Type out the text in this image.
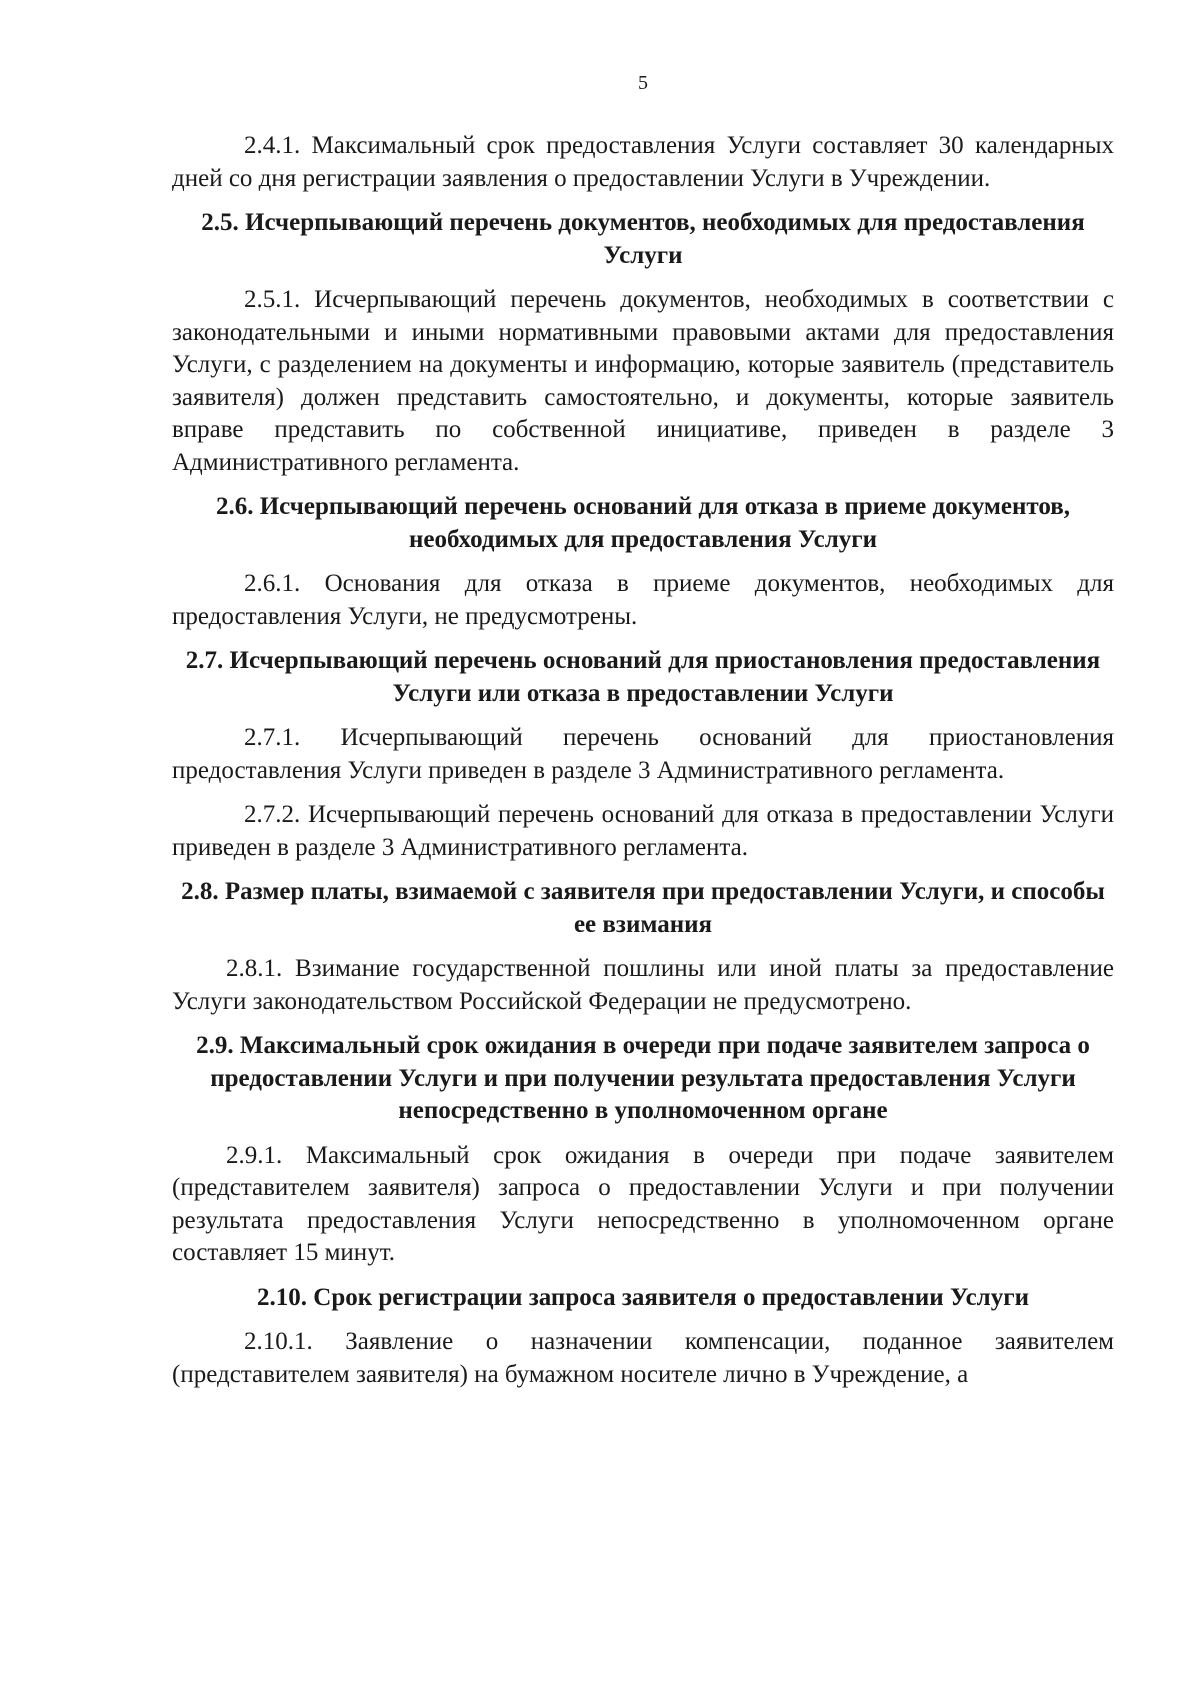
5

2.4.1. Максимальный срок предоставления Услуги составляет 30 календарных дней со дня регистрации заявления о предоставлении Услуги в Учреждении.

2.5. Исчерпывающий перечень документов, необходимых для предоставления Услуги

2.5.1. Исчерпывающий перечень документов, необходимых в соответствии с законодательными и иными нормативными правовыми актами для предоставления Услуги, с разделением на документы и информацию, которые заявитель (представитель заявителя) должен представить самостоятельно, и документы, которые заявитель вправе представить по собственной инициативе, приведен в разделе 3 Административного регламента.

2.6. Исчерпывающий перечень оснований для отказа в приеме документов, необходимых для предоставления Услуги

2.6.1. Основания для отказа в приеме документов, необходимых для предоставления Услуги, не предусмотрены.

2.7. Исчерпывающий перечень оснований для приостановления предоставления Услуги или отказа в предоставлении Услуги

2.7.1. Исчерпывающий перечень оснований для приостановления предоставления Услуги приведен в разделе 3 Административного регламента.

2.7.2. Исчерпывающий перечень оснований для отказа в предоставлении Услуги приведен в разделе 3 Административного регламента.

2.8. Размер платы, взимаемой с заявителя при предоставлении Услуги, и способы ее взимания

2.8.1. Взимание государственной пошлины или иной платы за предоставление Услуги законодательством Российской Федерации не предусмотрено.

2.9. Максимальный срок ожидания в очереди при подаче заявителем запроса о предоставлении Услуги и при получении результата предоставления Услуги непосредственно в уполномоченном органе

2.9.1. Максимальный срок ожидания в очереди при подаче заявителем (представителем заявителя) запроса о предоставлении Услуги и при получении результата предоставления Услуги непосредственно в уполномоченном органе составляет 15 минут.

2.10. Срок регистрации запроса заявителя о предоставлении Услуги

2.10.1. Заявление о назначении компенсации, поданное заявителем (представителем заявителя) на бумажном носителе лично в Учреждение, а
